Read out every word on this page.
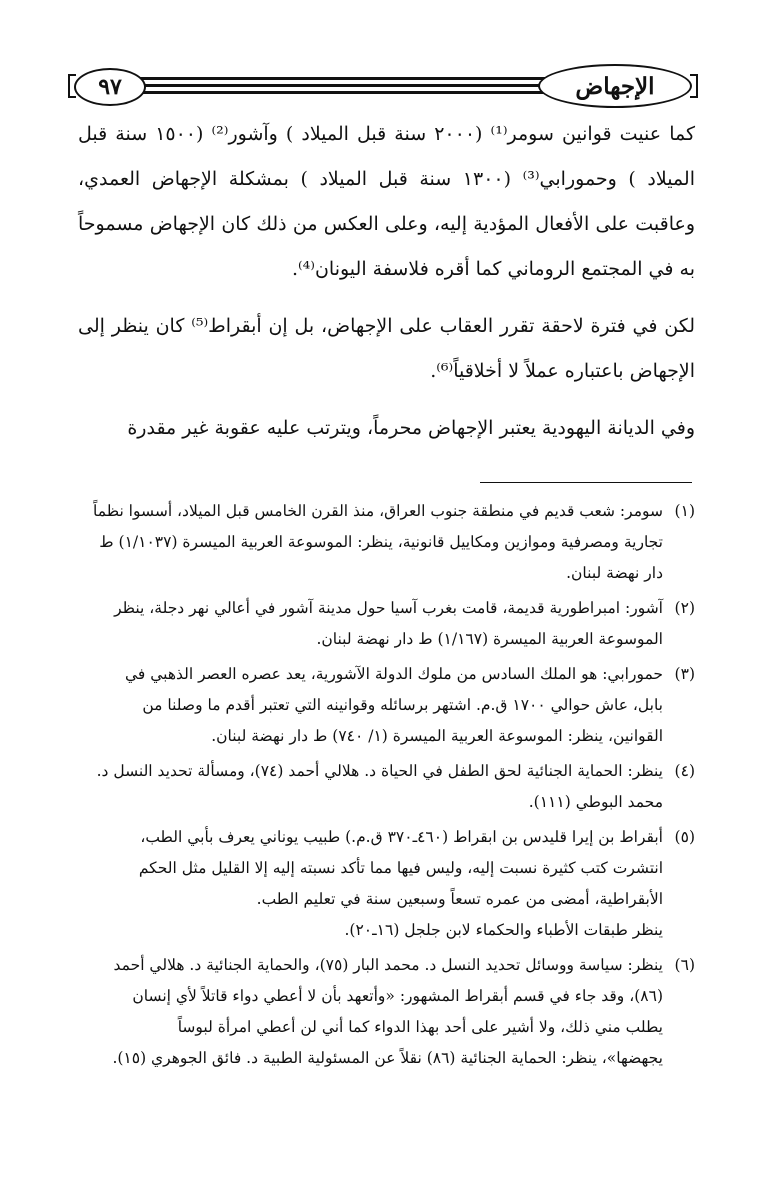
٩٧	الإجهاض

كما عنيت قوانين سومر⁽¹⁾ (٢٠٠٠ سنة قبل الميلاد ) وآشور⁽²⁾ (١٥٠٠ سنة قبل الميلاد ) وحمورابي⁽³⁾ (١٣٠٠ سنة قبل الميلاد ) بمشكلة الإجهاض العمدي، وعاقبت على الأفعال المؤدية إليه، وعلى العكس من ذلك كان الإجهاض مسموحاً به في المجتمع الروماني كما أقره فلاسفة اليونان⁽⁴⁾.

لكن في فترة لاحقة تقرر العقاب على الإجهاض، بل إن أبقراط⁽⁵⁾ كان ينظر إلى الإجهاض باعتباره عملاً لا أخلاقياً⁽⁶⁾.

وفي الديانة اليهودية يعتبر الإجهاض محرماً، ويترتب عليه عقوبة غير مقدرة

(١)
سومر: شعب قديم في منطقة جنوب العراق، منذ القرن الخامس قبل الميلاد، أسسوا نظماً
تجارية ومصرفية وموازين ومكاييل قانونية، ينظر: الموسوعة العربية الميسرة (١/١٠٣٧) ط
دار نهضة لبنان.
(٢)
آشور: امبراطورية قديمة، قامت بغرب آسيا حول مدينة آشور في أعالي نهر دجلة، ينظر
الموسوعة العربية الميسرة (١/١٦٧) ط دار نهضة لبنان.
(٣)
حمورابي: هو الملك السادس من ملوك الدولة الآشورية، يعد عصره العصر الذهبي في
بابل، عاش حوالي ١٧٠٠ ق.م. اشتهر برسائله وقوانينه التي تعتبر أقدم ما وصلنا من
القوانين، ينظر: الموسوعة العربية الميسرة (١/ ٧٤٠) ط دار نهضة لبنان.
(٤)
ينظر: الحماية الجنائية لحق الطفل في الحياة د. هلالي أحمد (٧٤)، ومسألة تحديد النسل د.
محمد البوطي (١١١).
(٥)
أبقراط بن إيرا قليدس بن ابقراط (٤٦٠ـ٣٧٠ ق.م.) طبيب يوناني يعرف بأبي الطب،
انتشرت كتب كثيرة نسبت إليه، وليس فيها مما تأكد نسبته إليه إلا القليل مثل الحكم
الأبقراطية، أمضى من عمره تسعاً وسبعين سنة في تعليم الطب.
ينظر طبقات الأطباء والحكماء لابن جلجل (١٦ـ٢٠).
(٦)
ينظر: سياسة ووسائل تحديد النسل د. محمد البار (٧٥)، والحماية الجنائية د. هلالي أحمد
(٨٦)، وقد جاء في قسم أبقراط المشهور: «وأتعهد بأن لا أعطي دواء قاتلاً لأي إنسان
يطلب مني ذلك، ولا أشير على أحد بهذا الدواء كما أني لن أعطي امرأة لبوساً
يجهضها»، ينظر: الحماية الجنائية (٨٦) نقلاً عن المسئولية الطبية د. فائق الجوهري (١٥).
